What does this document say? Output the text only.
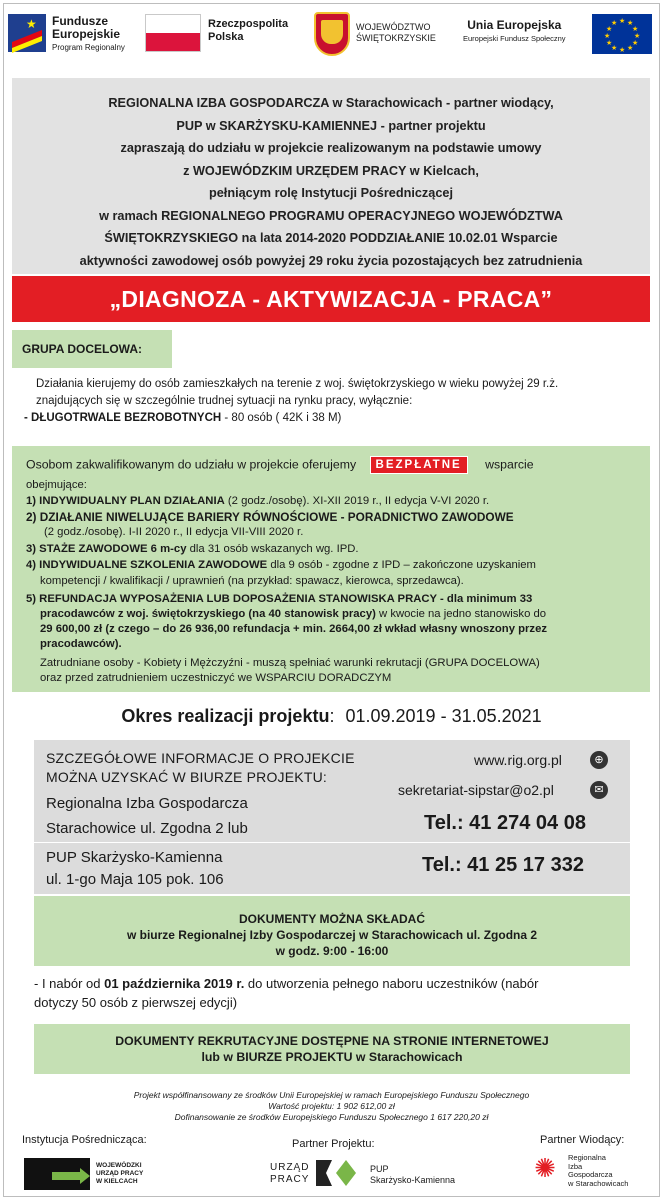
★ Fundusze
Europejskie
Program Regionalny
Rzeczpospolita
Polska
WOJEWÓDZTWO
ŚWIĘTOKRZYSKIE
Unia Europejska
Europejski Fundusz Społeczny
★ ★
★
★
★
★
★
★
★
★
★
★
REGIONALNA IZBA GOSPODARCZA w Starachowicach - partner wiodący,
PUP w SKARŻYSKU-KAMIENNEJ - partner projektu
zapraszają do udziału w projekcie realizowanym na podstawie umowy
z WOJEWÓDZKIM URZĘDEM PRACY w Kielcach,
pełniącym rolę Instytucji Pośredniczącej
w ramach REGIONALNEGO PROGRAMU OPERACYJNEGO WOJEWÓDZTWA
ŚWIĘTOKRZYSKIEGO na lata 2014-2020 PODDZIAŁANIE 10.02.01 Wsparcie
aktywności zawodowej osób powyżej 29 roku życia pozostających bez zatrudnienia
„DIAGNOZA - AKTYWIZACJA - PRACA”
GRUPA DOCELOWA:
Działania kierujemy do osób zamieszkałych na terenie z woj. świętokrzyskiego w wieku powyżej 29 r.ż.
znajdujących się w szczególnie trudnej sytuacji na rynku pracy, wyłącznie:
- DŁUGOTRWALE BEZROBOTNYCH - 80 osób ( 42K i 38 M)
Osobom zakwalifikowanym do udziału w projekcie oferujemy BEZPŁATNE wsparcie
obejmujące:
1) INDYWIDUALNY PLAN DZIAŁANIA (2 godz./osobę). XI-XII 2019 r., II edycja V-VI 2020 r.
2) DZIAŁANIE NIWELUJĄCE BARIERY RÓWNOŚCIOWE - PORADNICTWO ZAWODOWE
(2 godz./osobę). I-II 2020 r., II edycja VII-VIII 2020 r.
3) STAŻE ZAWODOWE 6 m-cy dla 31 osób wskazanych wg. IPD.
4) INDYWIDUALNE SZKOLENIA ZAWODOWE dla 9 osób - zgodne z IPD – zakończone uzyskaniem
kompetencji / kwalifikacji / uprawnień (na przykład: spawacz, kierowca, sprzedawca).
5) REFUNDACJA WYPOSAŻENIA LUB DOPOSAŻENIA STANOWISKA PRACY - dla minimum 33
pracodawców z woj. świętokrzyskiego (na 40 stanowisk pracy) w kwocie na jedno stanowisko do
29 600,00 zł (z czego – do 26 936,00 refundacja + min. 2664,00 zł wkład własny wnoszony przez
pracodawców).
Zatrudniane osoby - Kobiety i Mężczyźni - muszą spełniać warunki rekrutacji (GRUPA DOCELOWA)
oraz przed zatrudnieniem uczestniczyć we WSPARCIU DORADCZYM
Okres realizacji projektu: 01.09.2019 - 31.05.2021
SZCZEGÓŁOWE INFORMACJE O PROJEKCIE
MOŻNA UZYSKAĆ W BIURZE PROJEKTU:
Regionalna Izba Gospodarcza
Starachowice ul. Zgodna 2 lub
PUP Skarżysko-Kamienna
ul. 1-go Maja 105 pok. 106
www.rig.org.pl	⊕
sekretariat-sipstar@o2.pl	✉
Tel.: 41 274 04 08
Tel.: 41 25 17 332
DOKUMENTY MOŻNA SKŁADAĆ
w biurze Regionalnej Izby Gospodarczej w Starachowicach ul. Zgodna 2
w godz. 9:00 - 16:00
- I nabór od 01 października 2019 r. do utworzenia pełnego naboru uczestników (nabór
dotyczy 50 osób z pierwszej edycji)
DOKUMENTY REKRUTACYJNE DOSTĘPNE NA STRONIE INTERNETOWEJ
lub w BIURZE PROJEKTU w Starachowicach
Projekt współfinansowany ze środków Unii Europejskiej w ramach Europejskiego Funduszu Społecznego
Wartość projektu: 1 902 612,00 zł
Dofinansowanie ze środków Europejskiego Funduszu Społecznego 1 617 220,20 zł
Instytucja Pośrednicząca:	Partner Projektu:	Partner Wiodący:
WOJEWÓDZKI
URZĄD PRACY
W KIELCACH
URZĄD
PRACY
PUP
Skarżysko-Kamienna	✺	Regionalna
Izba
Gospodarcza
w Starachowicach
